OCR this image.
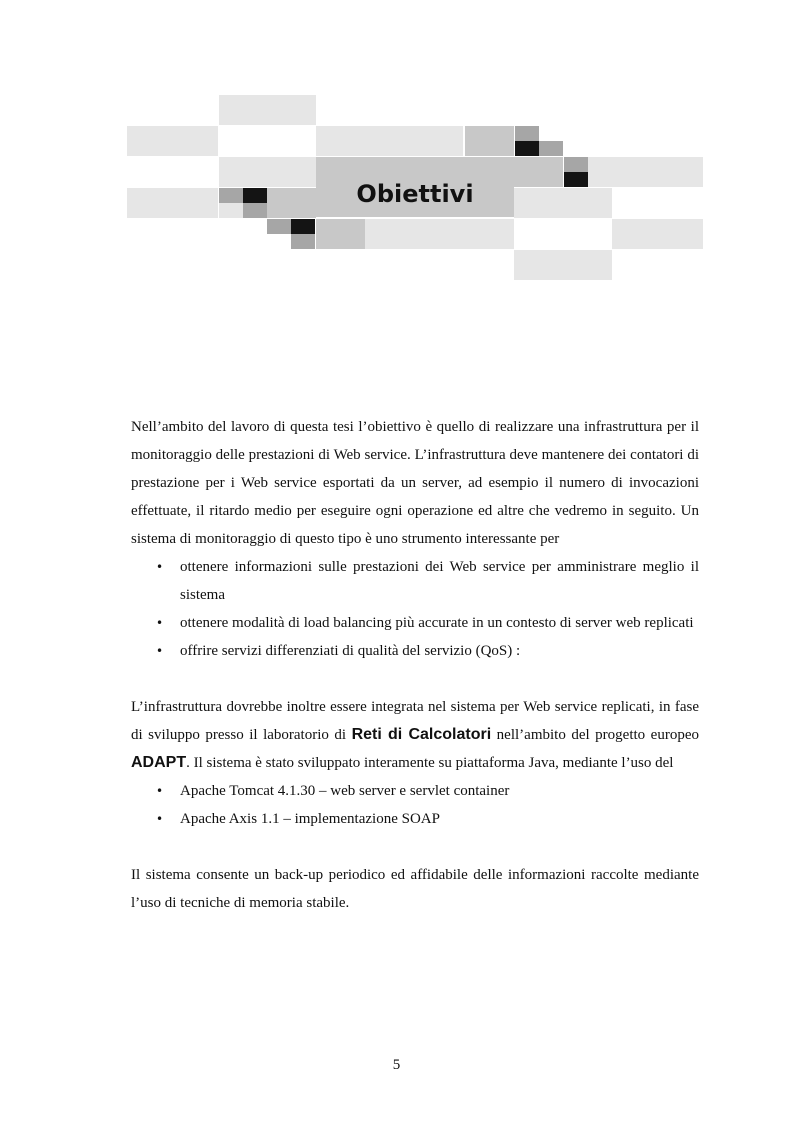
Obiettivi

Nell’ambito del lavoro di questa tesi l’obiettivo è quello di realizzare una infrastruttura per il monitoraggio delle prestazioni di Web service. L’infrastruttura deve mantenere dei contatori di prestazione per i Web service esportati da un server, ad esempio il numero di invocazioni effettuate, il ritardo medio per eseguire ogni operazione ed altre che vedremo in seguito. Un sistema di monitoraggio di questo tipo è uno strumento interessante per

• ottenere informazioni sulle prestazioni dei Web service per amministrare meglio il sistema
• ottenere modalità di load balancing più accurate in un contesto di server web replicati
• offrire servizi differenziati di qualità del servizio (QoS) :

L’infrastruttura dovrebbe inoltre essere integrata nel sistema per Web service replicati, in fase di sviluppo presso il laboratorio di Reti di Calcolatori nell’ambito del progetto europeo ADAPT. Il sistema è stato sviluppato interamente su piattaforma Java, mediante l’uso del

• Apache Tomcat 4.1.30 – web server e servlet container
• Apache Axis 1.1 – implementazione SOAP

Il sistema consente un back-up periodico ed affidabile delle informazioni raccolte mediante l’uso di tecniche di memoria stabile.

5
